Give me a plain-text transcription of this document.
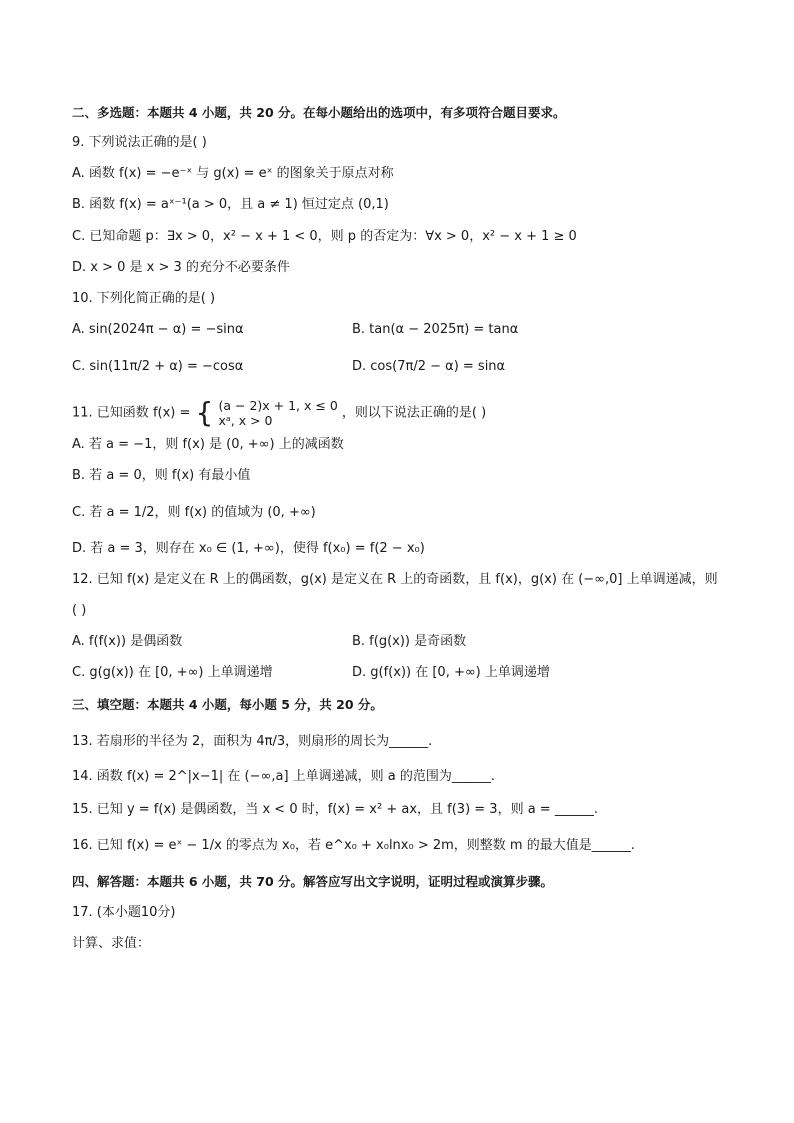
二、多选题：本题共 4 小题，共 20 分。在每小题给出的选项中，有多项符合题目要求。
9. 下列说法正确的是( )
A. 函数 f(x) = −e⁻ˣ 与 g(x) = eˣ 的图象关于原点对称
B. 函数 f(x) = aˣ⁻¹(a > 0，且 a ≠ 1) 恒过定点 (0,1)
C. 已知命题 p：∃x > 0，x² − x + 1 < 0，则 p 的否定为：∀x > 0，x² − x + 1 ≥ 0
D. x > 0 是 x > 3 的充分不必要条件
10. 下列化简正确的是( )
A. sin(2024π − α) = −sinα	B. tan(α − 2025π) = tanα
C. sin(11π/2 + α) = −cosα	D. cos(7π/2 − α) = sinα
11. 已知函数 f(x) = { (a − 2)x + 1, x ≤ 0
xᵃ, x > 0	，则以下说法正确的是( )
A. 若 a = −1，则 f(x) 是 (0, +∞) 上的减函数
B. 若 a = 0，则 f(x) 有最小值
C. 若 a = 1/2，则 f(x) 的值域为 (0, +∞)
D. 若 a = 3，则存在 x₀ ∈ (1, +∞)，使得 f(x₀) = f(2 − x₀)
12. 已知 f(x) 是定义在 R 上的偶函数，g(x) 是定义在 R 上的奇函数，且 f(x)，g(x) 在 (−∞,0] 上单调递减，则
( )
A. f(f(x)) 是偶函数	B. f(g(x)) 是奇函数
C. g(g(x)) 在 [0, +∞) 上单调递增	D. g(f(x)) 在 [0, +∞) 上单调递增
三、填空题：本题共 4 小题，每小题 5 分，共 20 分。
13. 若扇形的半径为 2，面积为 4π/3，则扇形的周长为______.
14. 函数 f(x) = 2^|x−1| 在 (−∞,a] 上单调递减，则 a 的范围为______.
15. 已知 y = f(x) 是偶函数，当 x < 0 时，f(x) = x² + ax，且 f(3) = 3，则 a = ______.
16. 已知 f(x) = eˣ − 1/x 的零点为 x₀，若 e^x₀ + x₀lnx₀ > 2m，则整数 m 的最大值是______.
四、解答题：本题共 6 小题，共 70 分。解答应写出文字说明，证明过程或演算步骤。
17. (本小题10分)
计算、求值：
